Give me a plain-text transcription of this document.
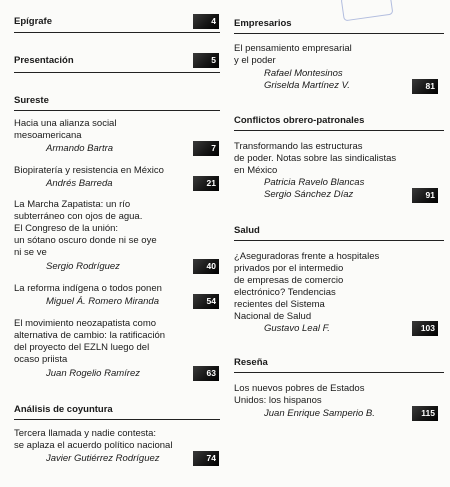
Epígrafe	4
Presentación	5
Sureste
Hacia una alianza social
mesoamericana
Armando Bartra	7
Biopiratería y resistencia en México
Andrés Barreda	21
La Marcha Zapatista: un río
subterráneo con ojos de agua.
El Congreso de la unión:
un sótano oscuro donde ni se oye
ni se ve
Sergio Rodríguez	40
La reforma indígena o todos ponen
Miguel Á. Romero Miranda	54
El movimiento neozapatista como
alternativa de cambio: la ratificación
del proyecto del EZLN luego del
ocaso priista
Juan Rogelio Ramírez	63
Análisis de coyuntura
Tercera llamada y nadie contesta:
se aplaza el acuerdo político nacional
Javier Gutiérrez Rodríguez	74
Empresarios
El pensamiento empresarial
y el poder
Rafael Montesinos
Griselda Martínez V.	81
Conflictos obrero-patronales
Transformando las estructuras
de poder. Notas sobre las sindicalistas
en México
Patricia Ravelo Blancas
Sergio Sánchez Díaz	91
Salud
¿Aseguradoras frente a hospitales
privados por el intermedio
de empresas de comercio
electrónico? Tendencias
recientes del Sistema
Nacional de Salud
Gustavo Leal F.	103
Reseña
Los nuevos pobres de Estados
Unidos: los hispanos
Juan Enrique Samperio B.	115
